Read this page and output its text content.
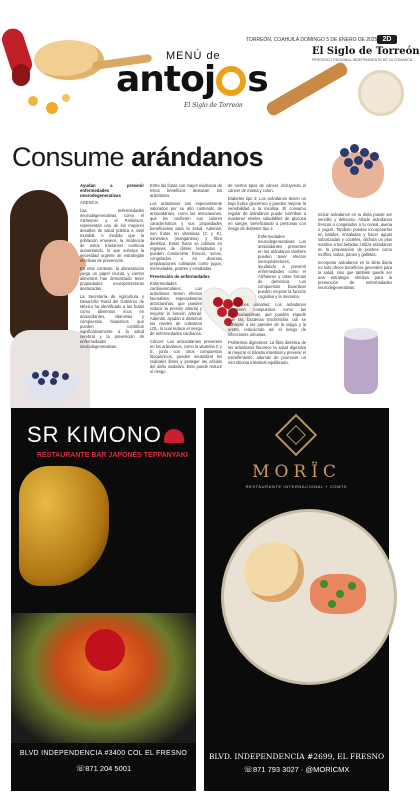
TORREÓN, COAHUILA DOMINGO 5 DE ENERO DE 2025 2D
El Siglo de Torreón
PERIÓDICO REGIONAL INDEPENDIENTE DE LA COMARCA
MENÚ de
antoj s
El Siglo de Torreón
Consume arándanos
Ayudan a prevenir enfermedades neurodegenerativas

AGENCIA

Las enfermedades neurodegenerativas, como el Alzheimer y el Parkinson, representan uno de los mayores desafíos de salud pública a nivel mundial. A medida que la población envejece, la incidencia de estos trastornos continúa aumentando, lo que subraya la necesidad urgente de estrategias efectivas de prevención.

En este contexto, la alimentación juega un papel crucial, y ciertos alimentos han demostrado tener propiedades neuroprotectoras destacadas.

La Secretaría de Agricultura y Desarrollo Rural del Gobierno de México ha identificado a las frutas como alimentos ricos en antioxidantes, vitaminas y compuestos bioactivos que pueden contribuir significativamente a la salud cerebral y la prevención de enfermedades neurodegenerativas.

Entre las frutas con mayor evidencia de estos beneficios destacan los arándanos.

Los arándanos son especialmente valorados por su alto contenido de antioxidantes, como las antocianinas, que les confieren sus colores característicos y sus propiedades beneficiosas para la salud. Además, son frutas en vitaminas (C y K), minerales (manganeso) y fibra dietética. Estos frutos se cultivan en regiones de climas templados y pueden consumirse frescos, secos, congelados o en diversas preparaciones culinarias como jugos, mermeladas, postres y ensaladas.

Prevención de enfermedades

Enfermedades cardiovasculares: Los arándanos tienen efectos favorables, especialmente antocianinas, que pueden reducir la presión arterial y mejorar la función arterial. Además, ayudan a disminuir los niveles de colesterol LDL, lo cual reduce el riesgo de enfermedades cardíacas.

Cáncer: Los antioxidantes presentes en los arándanos, como la vitamina C y E, junto con otros compuestos fitoquímicos, pueden neutralizar los radicales libres y proteger las células del daño oxidativo. Esto puede reducir el riesgo

de ciertos tipos de cáncer, incluyendo el cáncer de mama y colon.

Diabetes tipo 2: Los arándanos tienen un bajo índice glucémico y pueden mejorar la sensibilidad a la insulina. El consumo regular de arándanos puede contribuir a mantener niveles saludables de glucosa en sangre, beneficiando a personas con riesgo de diabetes tipo 2.

Enfermedades neurodegenerativas: Los antioxidantes presentes en los arándanos también pueden tener efectos neuroprotectores, ayudando a prevenir enfermedades como el Alzheimer y otras formas de demencia. Los compuestos bioactivos pueden mejorar la función cognitiva y la memoria.

Infecciones urinarias: Los arándanos contienen compuestos como las proantocianidinas, que pueden impedir que las bacterias Escherichia coli se adhieran a las paredes de la vejiga y la uretra, reduciendo así el riesgo de infecciones urinarias.

Problemas digestivos: La fibra dietética de los arándanos favorece la salud digestiva al mejorar el tránsito intestinal y prevenir el estreñimiento, además de promover un microbioma intestinal equilibrado.

Incluir arándanos en tu dieta puede ser sencillo y delicioso. Añade arándanos frescos o congelados a tu cereal, avena o yogurt. También puedes incorporarlos en batidos, ensaladas y hacer aguas saborizadas y cócteles, disfruta un plus nutritivo a tus bebidas. Utiliza arándanos en la preparación de postres como muffins, tartas, panes y galletas.

Incorporar arándanos en la dieta diaria no solo ofrece beneficios generales para la salud, sino que también puede ser una estrategia efectiva para la prevención de enfermedades neurodegenerativas.

SR KIMONO
RESTAURANTE BAR JAPONÉS TEPPANYAKI
BLVD INDEPENDENCIA #3400 COL EL FRESNO
☏871 204 5001
MORÏC
RESTAURANTE INTERNACIONAL + COMTE
BLVD. INDEPENDENCIA #2699, EL FRESNO
☏871 793 3027 · @MORICMX
